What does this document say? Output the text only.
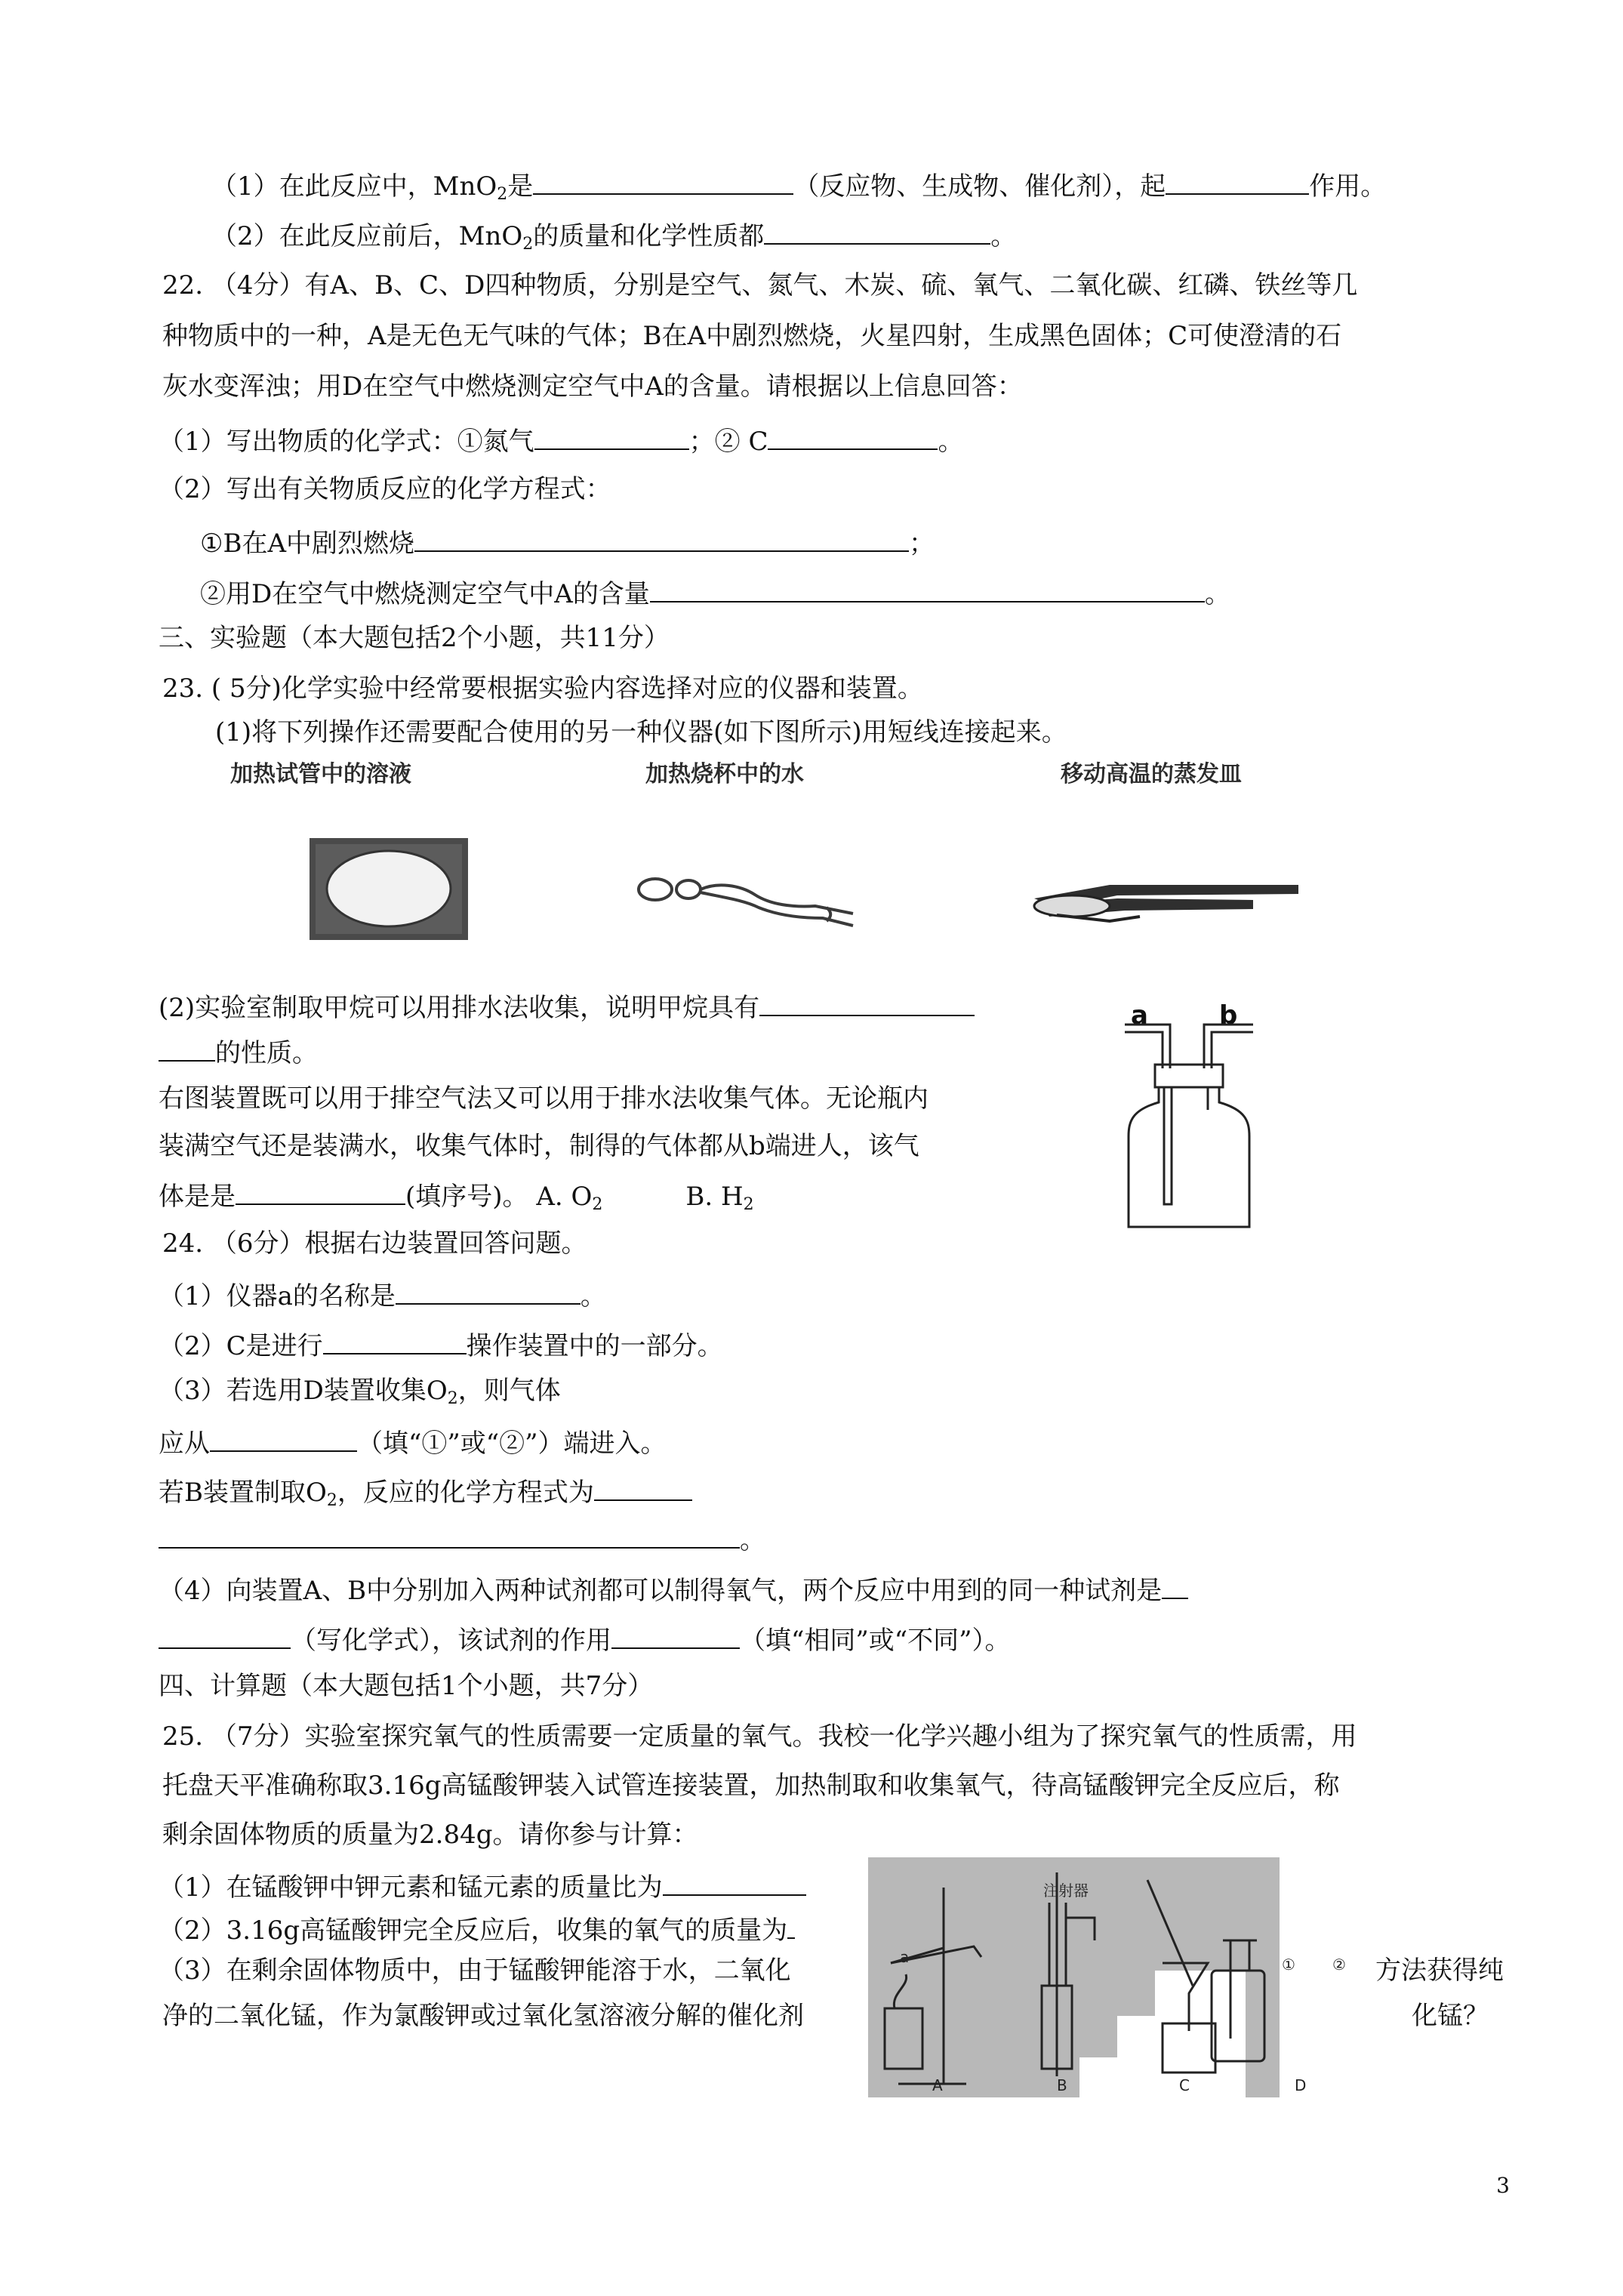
（1）在此反应中，MnO$_2$是	（反应物、生成物、催化剂），起	作用。
（2）在此反应前后，MnO$_2$的质量和化学性质都	。
22. （4分）有A、B、C、D四种物质，分别是空气、氮气、木炭、硫、氧气、二氧化碳、红磷、铁丝等几
种物质中的一种，A是无色无气味的气体；B在A中剧烈燃烧，火星四射，生成黑色固体；C可使澄清的石
灰水变浑浊；用D在空气中燃烧测定空气中A的含量。请根据以上信息回答：
（1）写出物质的化学式：①氮气	；② C	。
（2）写出有关物质反应的化学方程式：
①B在A中剧烈燃烧	；
②用D在空气中燃烧测定空气中A的含量	。
三、实验题（本大题包括2个小题，共11分）
23. ( 5分)化学实验中经常要根据实验内容选择对应的仪器和装置。
(1)将下列操作还需要配合使用的另一种仪器(如下图所示)用短线连接起来。
加热试管中的溶液	加热烧杯中的水	移动高温的蒸发皿
(2)实验室制取甲烷可以用排水法收集，说明甲烷具有
的性质。
右图装置既可以用于排空气法又可以用于排水法收集气体。无论瓶内
装满空气还是装满水，收集气体时，制得的气体都从b端进人，该气
体是是	(填序号)。 A. $O_2$	B. $H_2$
a	b
24. （6分）根据右边装置回答问题。
（1）仪器a的名称是	。
（2）C是进行	操作装置中的一部分。
（3）若选用D装置收集$O_2$，则气体
应从	（填“①”或“②”）端进入。
若B装置制取$O_2$，反应的化学方程式为
。
（4）向装置A、B中分别加入两种试剂都可以制得氧气，两个反应中用到的同一种试剂是
（写化学式），该试剂的作用	（填“相同”或“不同”）。
四、计算题（本大题包括1个小题，共7分）
25. （7分）实验室探究氧气的性质需要一定质量的氧气。我校一化学兴趣小组为了探究氧气的性质需，用
托盘天平准确称取3.16g高锰酸钾装入试管连接装置，加热制取和收集氧气，待高锰酸钾完全反应后，称
剩余固体物质的质量为2.84g。请你参与计算：
（1）在锰酸钾中钾元素和锰元素的质量比为
（2）3.16g高锰酸钾完全反应后，收集的氧气的质量为
（3）在剩余固体物质中，由于锰酸钾能溶于水，二氧化	方法获得纯
净的二氧化锰，作为氯酸钾或过氧化氢溶液分解的催化剂	化锰？
注射器
a
A	B	C	D
① ②
3
